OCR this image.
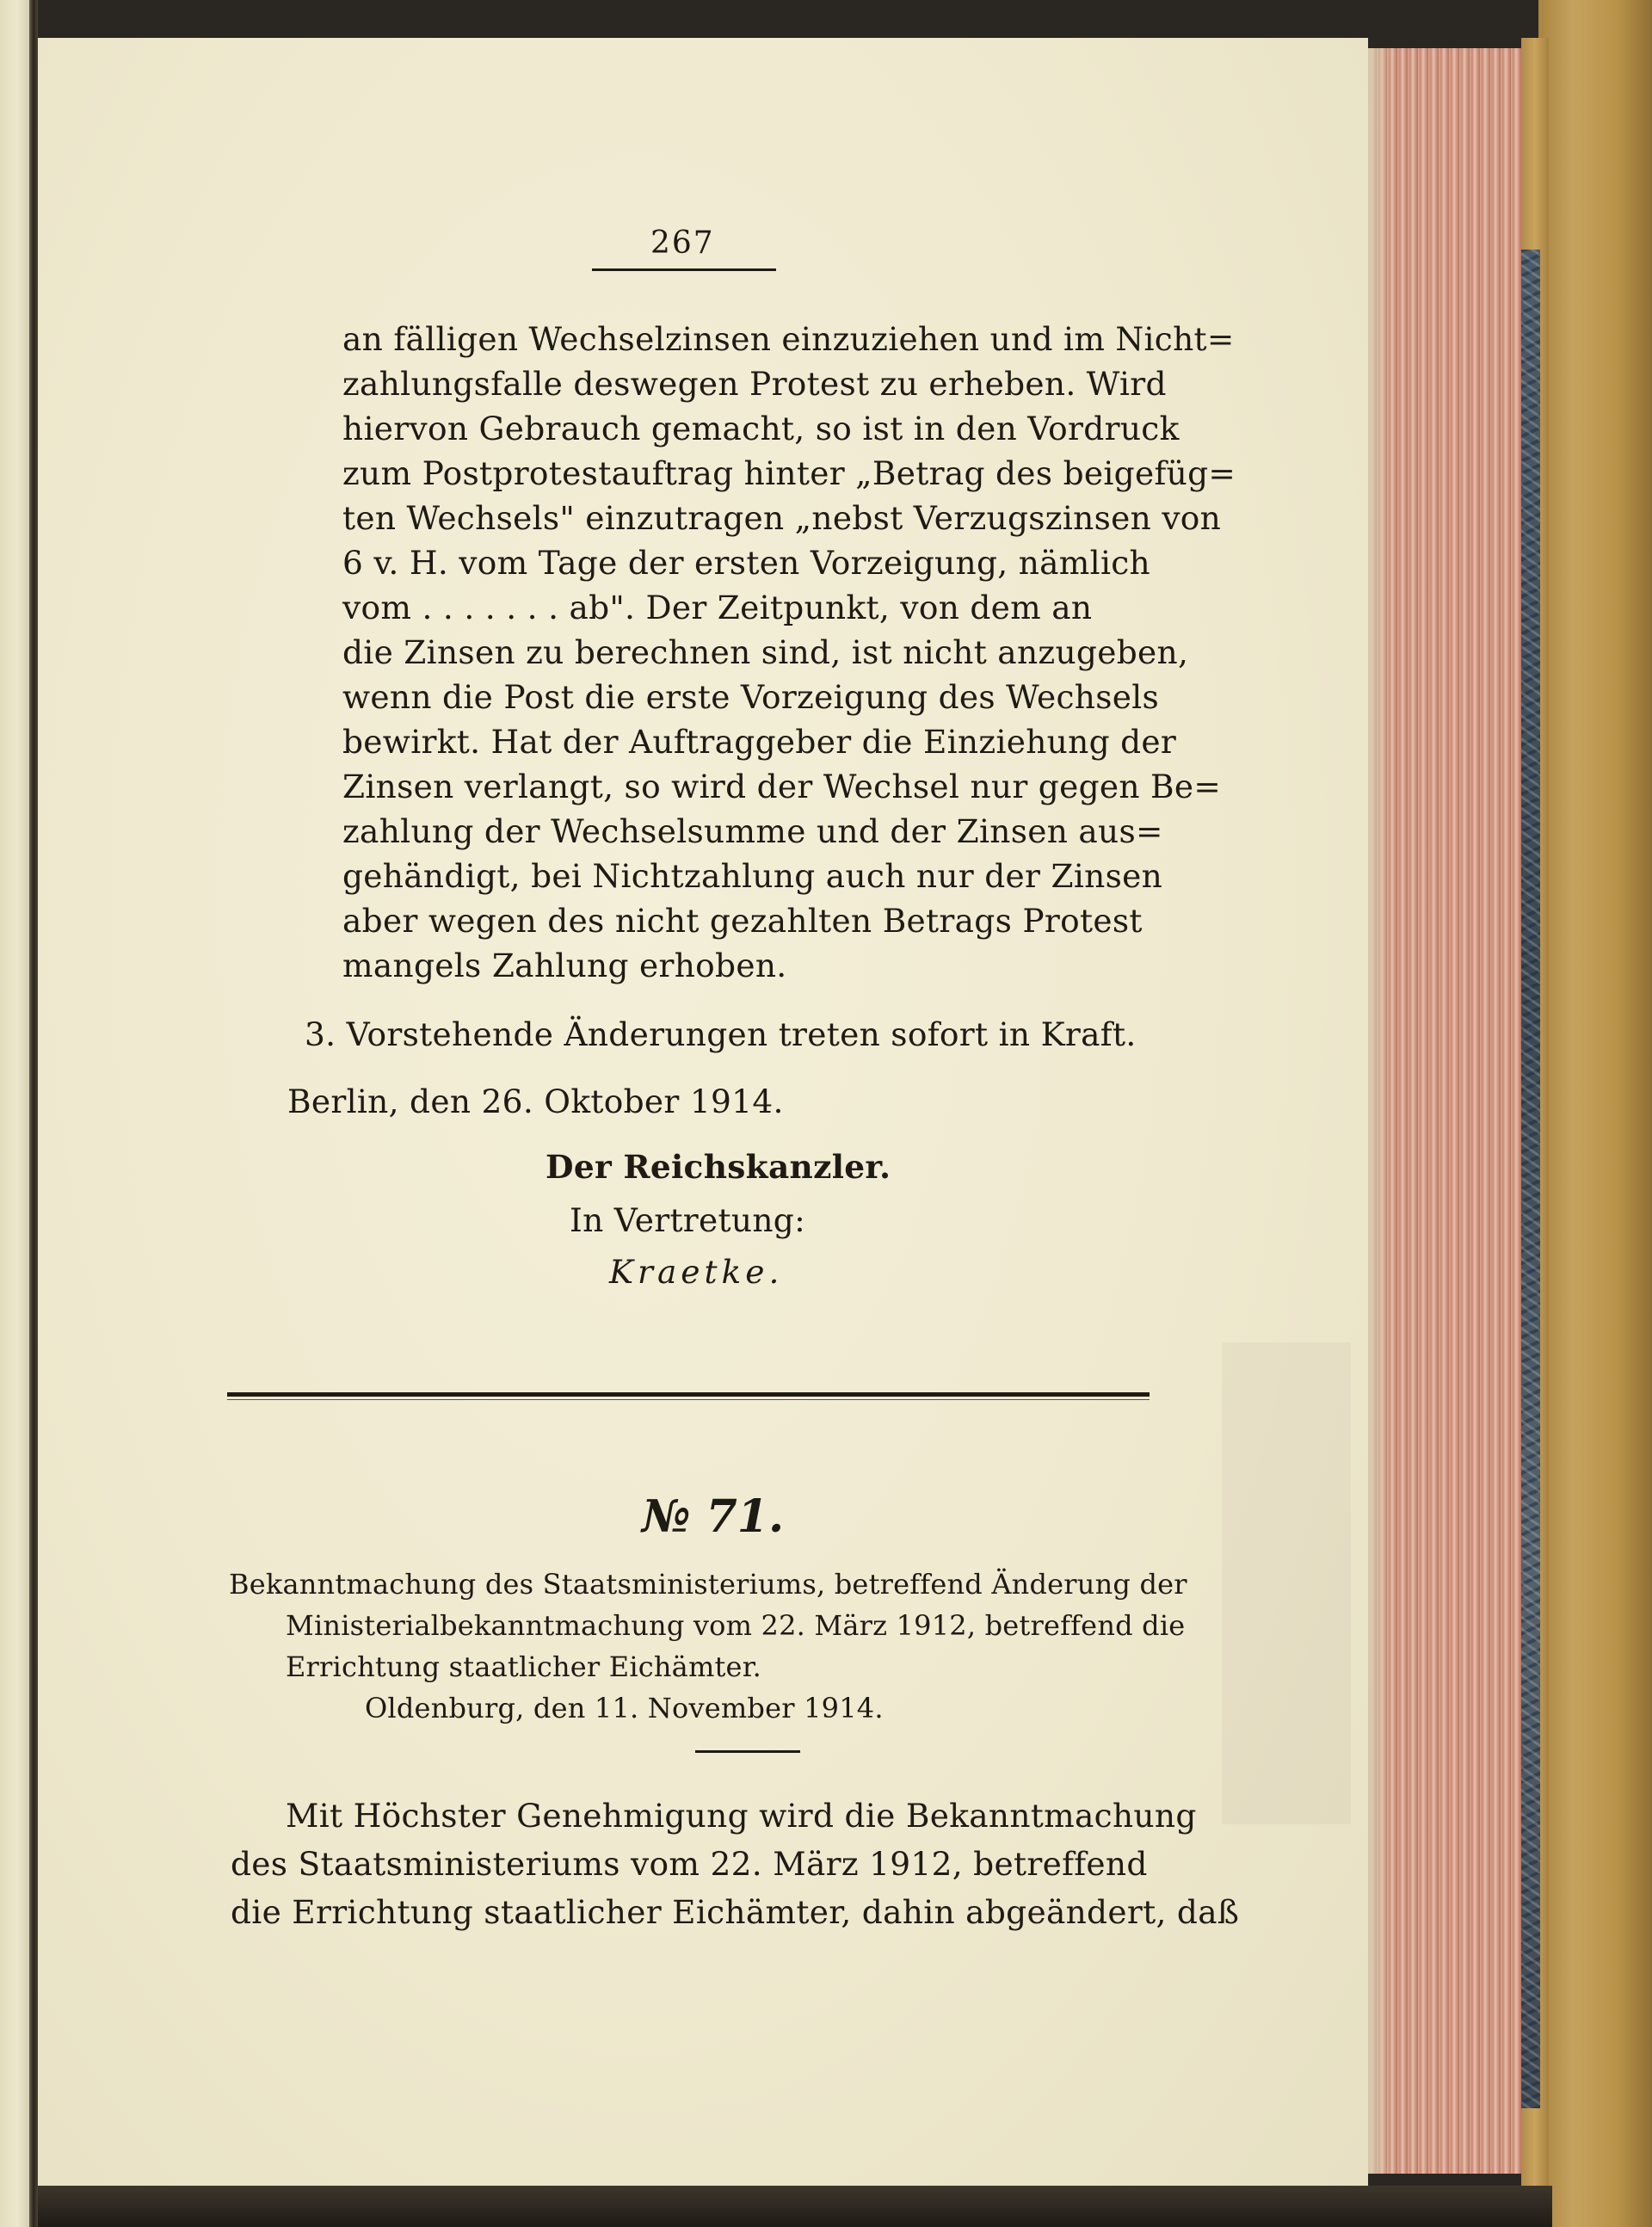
267
an fälligen Wechselzinsen einzuziehen und im Nicht=
zahlungsfalle deswegen Protest zu erheben. Wird
hiervon Gebrauch gemacht, so ist in den Vordruck
zum Postprotestauftrag hinter „Betrag des beigefüg=
ten Wechsels" einzutragen „nebst Verzugszinsen von
6 v. H. vom Tage der ersten Vorzeigung, nämlich
vom . . . . . . . ab". Der Zeitpunkt, von dem an
die Zinsen zu berechnen sind, ist nicht anzugeben,
wenn die Post die erste Vorzeigung des Wechsels
bewirkt. Hat der Auftraggeber die Einziehung der
Zinsen verlangt, so wird der Wechsel nur gegen Be=
zahlung der Wechselsumme und der Zinsen aus=
gehändigt, bei Nichtzahlung auch nur der Zinsen
aber wegen des nicht gezahlten Betrags Protest
mangels Zahlung erhoben.
3. Vorstehende Änderungen treten sofort in Kraft.
Berlin, den 26. Oktober 1914.
Der Reichskanzler.
In Vertretung:
Kraetke.
№ 71.
Bekanntmachung des Staatsministeriums, betreffend Änderung der
Ministerialbekanntmachung vom 22. März 1912, betreffend die
Errichtung staatlicher Eichämter.
Oldenburg, den 11. November 1914.
Mit Höchster Genehmigung wird die Bekanntmachung
des Staatsministeriums vom 22. März 1912, betreffend
die Errichtung staatlicher Eichämter, dahin abgeändert, daß
